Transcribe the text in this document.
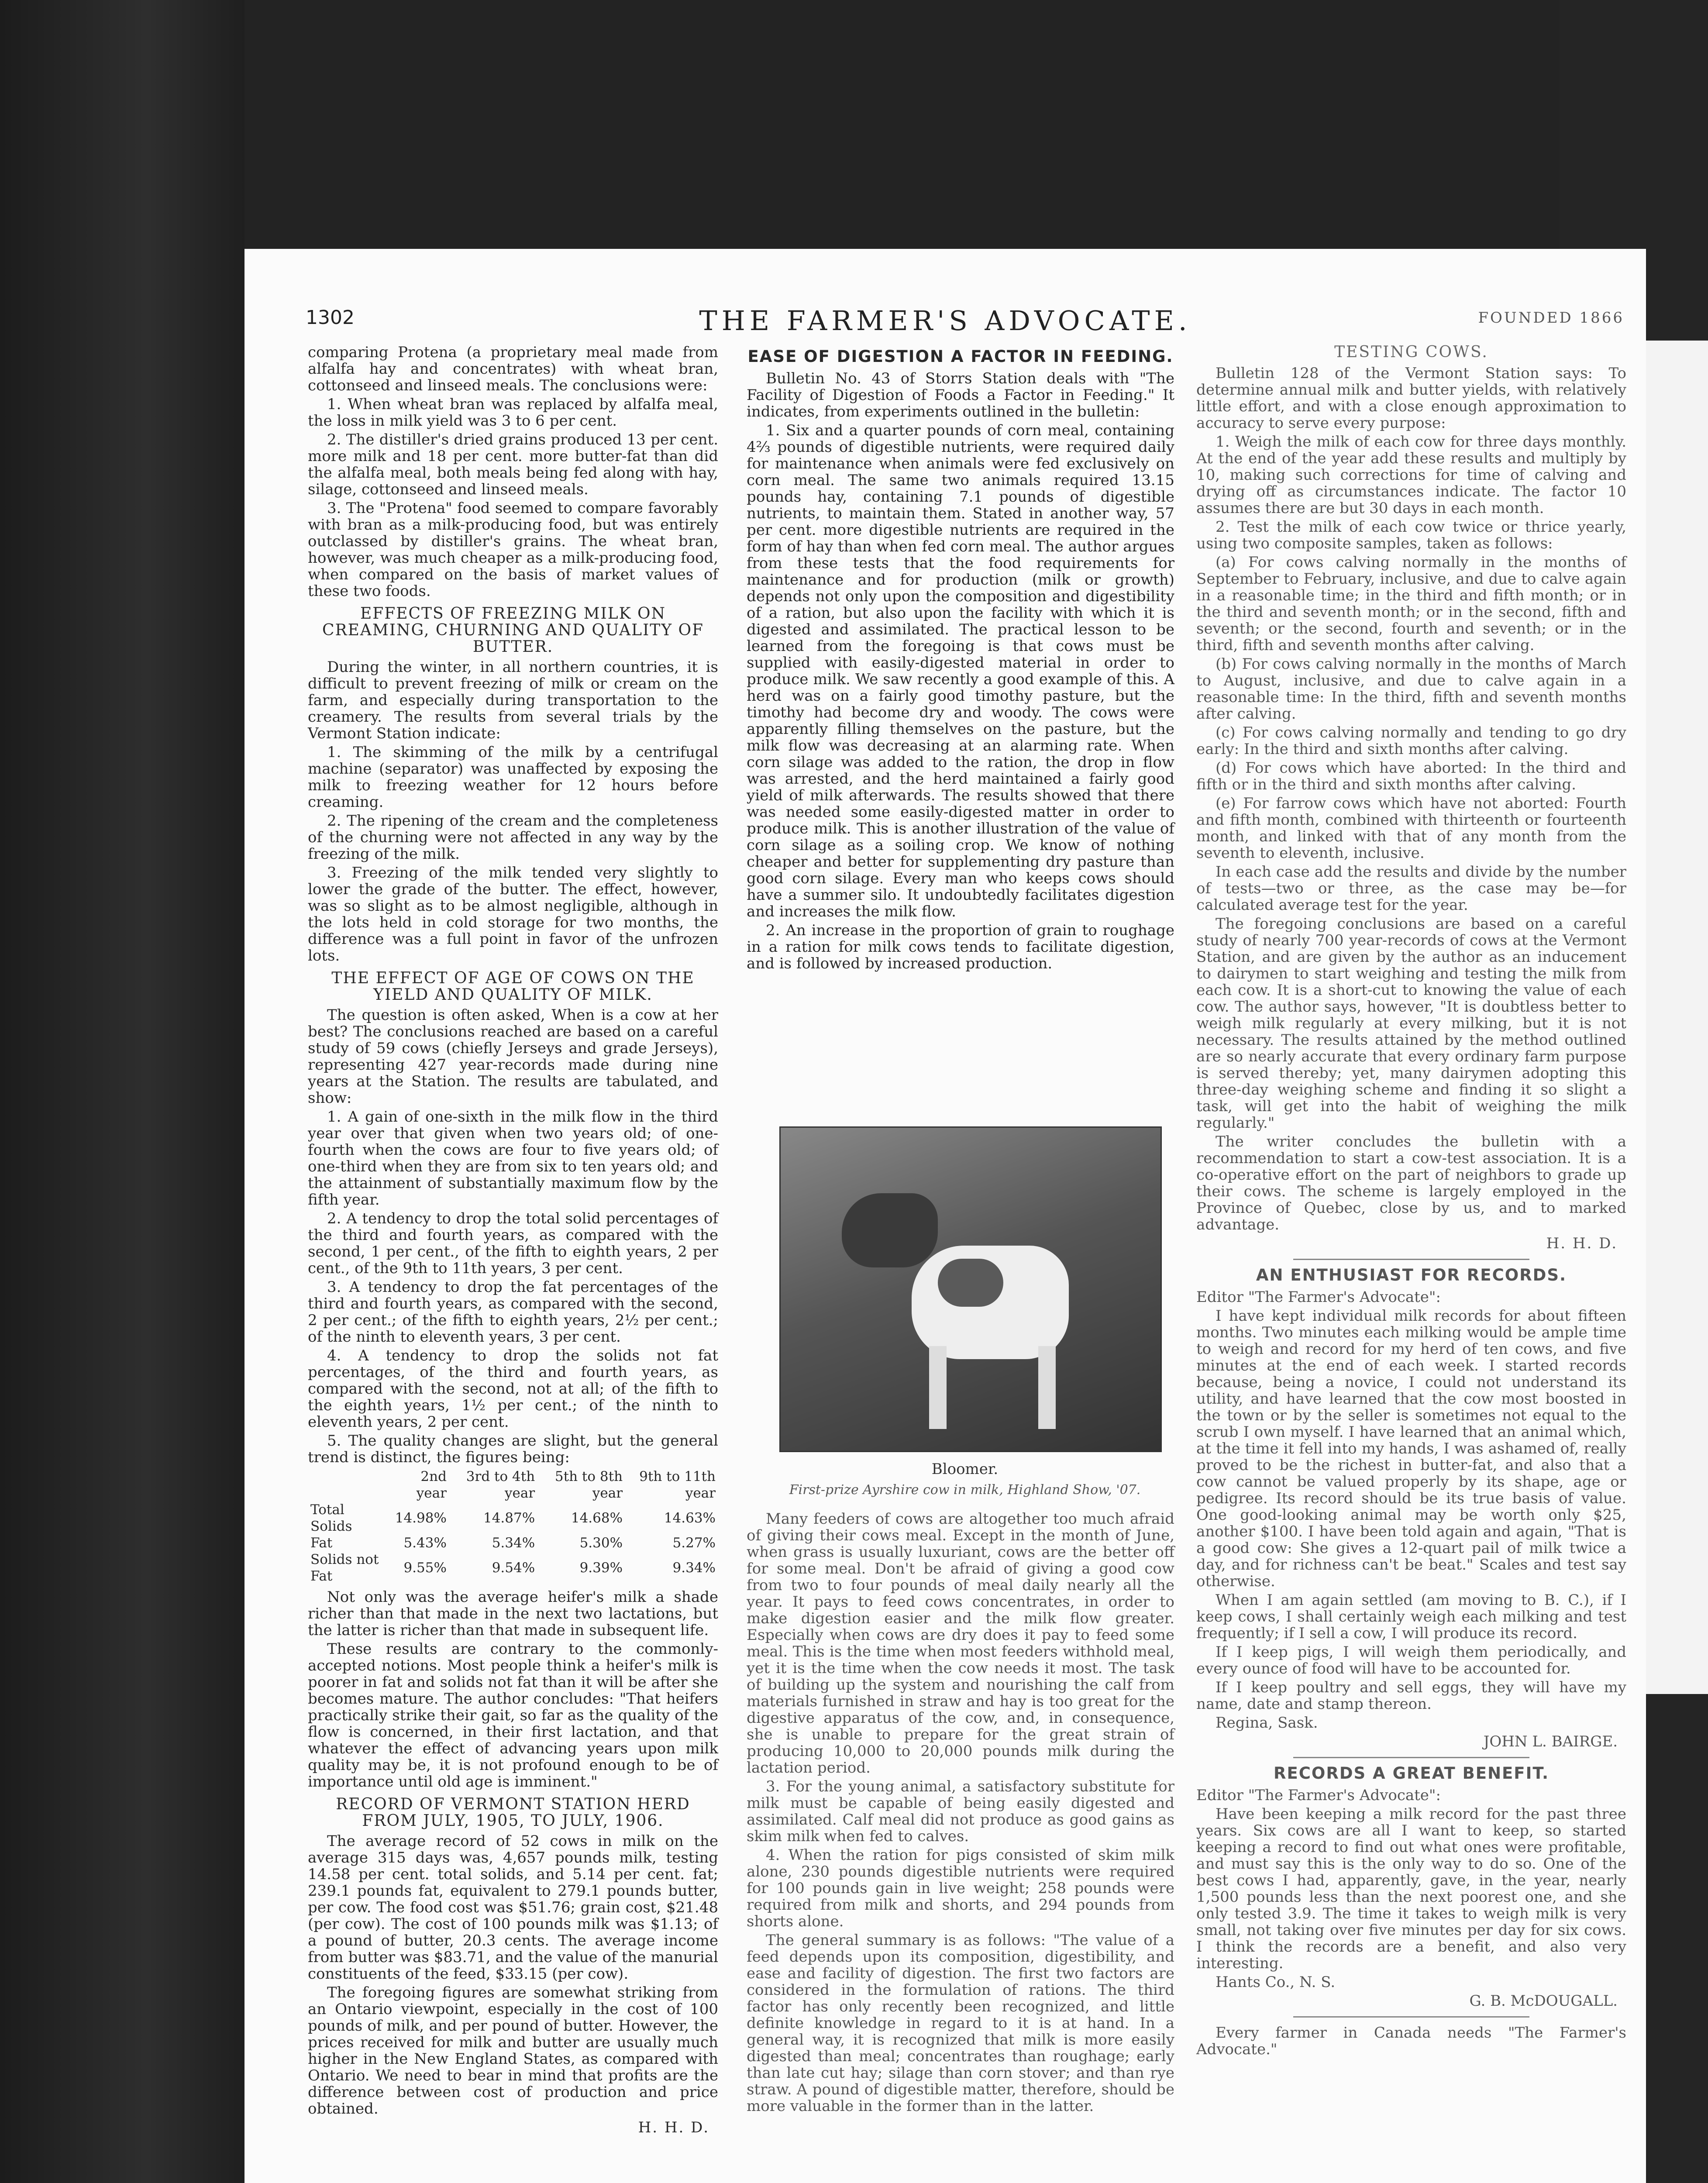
1302	THE FARMER'S ADVOCATE.	FOUNDED 1866

comparing Protena (a proprietary meal made from alfalfa hay and concentrates) with wheat bran, cottonseed and linseed meals. The conclusions were:

1. When wheat bran was replaced by alfalfa meal, the loss in milk yield was 3 to 6 per cent.

2. The distiller's dried grains produced 13 per cent. more milk and 18 per cent. more butter-fat than did the alfalfa meal, both meals being fed along with hay, silage, cottonseed and linseed meals.

3. The "Protena" food seemed to compare favorably with bran as a milk-producing food, but was entirely outclassed by distiller's grains. The wheat bran, however, was much cheaper as a milk-producing food, when compared on the basis of market values of these two foods.

EFFECTS OF FREEZING MILK ON CREAMING, CHURNING AND QUALITY OF BUTTER.

During the winter, in all northern countries, it is difficult to prevent freezing of milk or cream on the farm, and especially during transportation to the creamery. The results from several trials by the Vermont Station indicate:

1. The skimming of the milk by a centrifugal machine (separator) was unaffected by exposing the milk to freezing weather for 12 hours before creaming.

2. The ripening of the cream and the completeness of the churning were not affected in any way by the freezing of the milk.

3. Freezing of the milk tended very slightly to lower the grade of the butter. The effect, however, was so slight as to be almost negligible, although in the lots held in cold storage for two months, the difference was a full point in favor of the unfrozen lots.

THE EFFECT OF AGE OF COWS ON THE YIELD AND QUALITY OF MILK.

The question is often asked, When is a cow at her best? The conclusions reached are based on a careful study of 59 cows (chiefly Jerseys and grade Jerseys), representing 427 year-records made during nine years at the Station. The results are tabulated, and show:

1. A gain of one-sixth in the milk flow in the third year over that given when two years old; of one-fourth when the cows are four to five years old; of one-third when they are from six to ten years old; and the attainment of substantially maximum flow by the fifth year.

2. A tendency to drop the total solid percentages of the third and fourth years, as compared with the second, 1 per cent., of the fifth to eighth years, 2 per cent., of the 9th to 11th years, 3 per cent.

3. A tendency to drop the fat percentages of the third and fourth years, as compared with the second, 2 per cent.; of the fifth to eighth years, 2½ per cent.; of the ninth to eleventh years, 3 per cent.

4. A tendency to drop the solids not fat percentages, of the third and fourth years, as compared with the second, not at all; of the fifth to the eighth years, 1½ per cent.; of the ninth to eleventh years, 2 per cent.

5. The quality changes are slight, but the general trend is distinct, the figures being:

	2nd year	3rd to 4th year	5th to 8th year	9th to 11th year
Total Solids	14.98%	14.87%	14.68%	14.63%
Fat	5.43%	5.34%	5.30%	5.27%
Solids not Fat	9.55%	9.54%	9.39%	9.34%

Not only was the average heifer's milk a shade richer than that made in the next two lactations, but the latter is richer than that made in subsequent life.

These results are contrary to the commonly-accepted notions. Most people think a heifer's milk is poorer in fat and solids not fat than it will be after she becomes mature. The author concludes: "That heifers practically strike their gait, so far as the quality of the flow is concerned, in their first lactation, and that whatever the effect of advancing years upon milk quality may be, it is not profound enough to be of importance until old age is imminent."

RECORD OF VERMONT STATION HERD FROM JULY, 1905, TO JULY, 1906.

The average record of 52 cows in milk on the average 315 days was, 4,657 pounds milk, testing 14.58 per cent. total solids, and 5.14 per cent. fat; 239.1 pounds fat, equivalent to 279.1 pounds butter, per cow. The food cost was $51.76; grain cost, $21.48 (per cow). The cost of 100 pounds milk was $1.13; of a pound of butter, 20.3 cents. The average income from butter was $83.71, and the value of the manurial constituents of the feed, $33.15 (per cow).

The foregoing figures are somewhat striking from an Ontario viewpoint, especially in the cost of 100 pounds of milk, and per pound of butter. However, the prices received for milk and butter are usually much higher in the New England States, as compared with Ontario. We need to bear in mind that profits are the difference between cost of production and price obtained.

H. H. D.
EASE OF DIGESTION A FACTOR IN FEEDING.

Bulletin No. 43 of Storrs Station deals with "The Facility of Digestion of Foods a Factor in Feeding." It indicates, from experiments outlined in the bulletin:

1. Six and a quarter pounds of corn meal, containing 4⅔ pounds of digestible nutrients, were required daily for maintenance when animals were fed exclusively on corn meal. The same two animals required 13.15 pounds hay, containing 7.1 pounds of digestible nutrients, to maintain them. Stated in another way, 57 per cent. more digestible nutrients are required in the form of hay than when fed corn meal. The author argues from these tests that the food requirements for maintenance and for production (milk or growth) depends not only upon the composition and digestibility of a ration, but also upon the facility with which it is digested and assimilated. The practical lesson to be learned from the foregoing is that cows must be supplied with easily-digested material in order to produce milk. We saw recently a good example of this. A herd was on a fairly good timothy pasture, but the timothy had become dry and woody. The cows were apparently filling themselves on the pasture, but the milk flow was decreasing at an alarming rate. When corn silage was added to the ration, the drop in flow was arrested, and the herd maintained a fairly good yield of milk afterwards. The results showed that there was needed some easily-digested matter in order to produce milk. This is another illustration of the value of corn silage as a soiling crop. We know of nothing cheaper and better for supplementing dry pasture than good corn silage. Every man who keeps cows should have a summer silo. It undoubtedly facilitates digestion and increases the milk flow.

2. An increase in the proportion of grain to roughage in a ration for milk cows tends to facilitate digestion, and is followed by increased production.

Bloomer.
First-prize Ayrshire cow in milk, Highland Show, '07.

Many feeders of cows are altogether too much afraid of giving their cows meal. Except in the month of June, when grass is usually luxuriant, cows are the better off for some meal. Don't be afraid of giving a good cow from two to four pounds of meal daily nearly all the year. It pays to feed cows concentrates, in order to make digestion easier and the milk flow greater. Especially when cows are dry does it pay to feed some meal. This is the time when most feeders withhold meal, yet it is the time when the cow needs it most. The task of building up the system and nourishing the calf from materials furnished in straw and hay is too great for the digestive apparatus of the cow, and, in consequence, she is unable to prepare for the great strain of producing 10,000 to 20,000 pounds milk during the lactation period.

3. For the young animal, a satisfactory substitute for milk must be capable of being easily digested and assimilated. Calf meal did not produce as good gains as skim milk when fed to calves.

4. When the ration for pigs consisted of skim milk alone, 230 pounds digestible nutrients were required for 100 pounds gain in live weight; 258 pounds were required from milk and shorts, and 294 pounds from shorts alone.

The general summary is as follows: "The value of a feed depends upon its composition, digestibility, and ease and facility of digestion. The first two factors are considered in the formulation of rations. The third factor has only recently been recognized, and little definite knowledge in regard to it is at hand. In a general way, it is recognized that milk is more easily digested than meal; concentrates than roughage; early than late cut hay; silage than corn stover; and than rye straw. A pound of digestible matter, therefore, should be more valuable in the former than in the latter.

TESTING COWS.

Bulletin 128 of the Vermont Station says: To determine annual milk and butter yields, with relatively little effort, and with a close enough approximation to accuracy to serve every purpose:

1. Weigh the milk of each cow for three days monthly. At the end of the year add these results and multiply by 10, making such corrections for time of calving and drying off as circumstances indicate. The factor 10 assumes there are but 30 days in each month.

2. Test the milk of each cow twice or thrice yearly, using two composite samples, taken as follows:

(a) For cows calving normally in the months of September to February, inclusive, and due to calve again in a reasonable time; in the third and fifth month; or in the third and seventh month; or in the second, fifth and seventh; or the second, fourth and seventh; or in the third, fifth and seventh months after calving.

(b) For cows calving normally in the months of March to August, inclusive, and due to calve again in a reasonable time: In the third, fifth and seventh months after calving.

(c) For cows calving normally and tending to go dry early: In the third and sixth months after calving.

(d) For cows which have aborted: In the third and fifth or in the third and sixth months after calving.

(e) For farrow cows which have not aborted: Fourth and fifth month, combined with thirteenth or fourteenth month, and linked with that of any month from the seventh to eleventh, inclusive.

In each case add the results and divide by the number of tests—two or three, as the case may be—for calculated average test for the year.

The foregoing conclusions are based on a careful study of nearly 700 year-records of cows at the Vermont Station, and are given by the author as an inducement to dairymen to start weighing and testing the milk from each cow. It is a short-cut to knowing the value of each cow. The author says, however, "It is doubtless better to weigh milk regularly at every milking, but it is not necessary. The results attained by the method outlined are so nearly accurate that every ordinary farm purpose is served thereby; yet, many dairymen adopting this three-day weighing scheme and finding it so slight a task, will get into the habit of weighing the milk regularly."

The writer concludes the bulletin with a recommendation to start a cow-test association. It is a co-operative effort on the part of neighbors to grade up their cows. The scheme is largely employed in the Province of Quebec, close by us, and to marked advantage.

H. H. D.
AN ENTHUSIAST FOR RECORDS.

Editor "The Farmer's Advocate":

I have kept individual milk records for about fifteen months. Two minutes each milking would be ample time to weigh and record for my herd of ten cows, and five minutes at the end of each week. I started records because, being a novice, I could not understand its utility, and have learned that the cow most boosted in the town or by the seller is sometimes not equal to the scrub I own myself. I have learned that an animal which, at the time it fell into my hands, I was ashamed of, really proved to be the richest in butter-fat, and also that a cow cannot be valued properly by its shape, age or pedigree. Its record should be its true basis of value. One good-looking animal may be worth only $25, another $100. I have been told again and again, "That is a good cow: She gives a 12-quart pail of milk twice a day, and for richness can't be beat." Scales and test say otherwise.

When I am again settled (am moving to B. C.), if I keep cows, I shall certainly weigh each milking and test frequently; if I sell a cow, I will produce its record.

If I keep pigs, I will weigh them periodically, and every ounce of food will have to be accounted for.

If I keep poultry and sell eggs, they will have my name, date and stamp thereon.

Regina, Sask.

JOHN L. BAIRGE.
RECORDS A GREAT BENEFIT.

Editor "The Farmer's Advocate":

Have been keeping a milk record for the past three years. Six cows are all I want to keep, so started keeping a record to find out what ones were profitable, and must say this is the only way to do so. One of the best cows I had, apparently, gave, in the year, nearly 1,500 pounds less than the next poorest one, and she only tested 3.9. The time it takes to weigh milk is very small, not taking over five minutes per day for six cows. I think the records are a benefit, and also very interesting.

Hants Co., N. S.

G. B. McDOUGALL.

Every farmer in Canada needs "The Farmer's Advocate."
